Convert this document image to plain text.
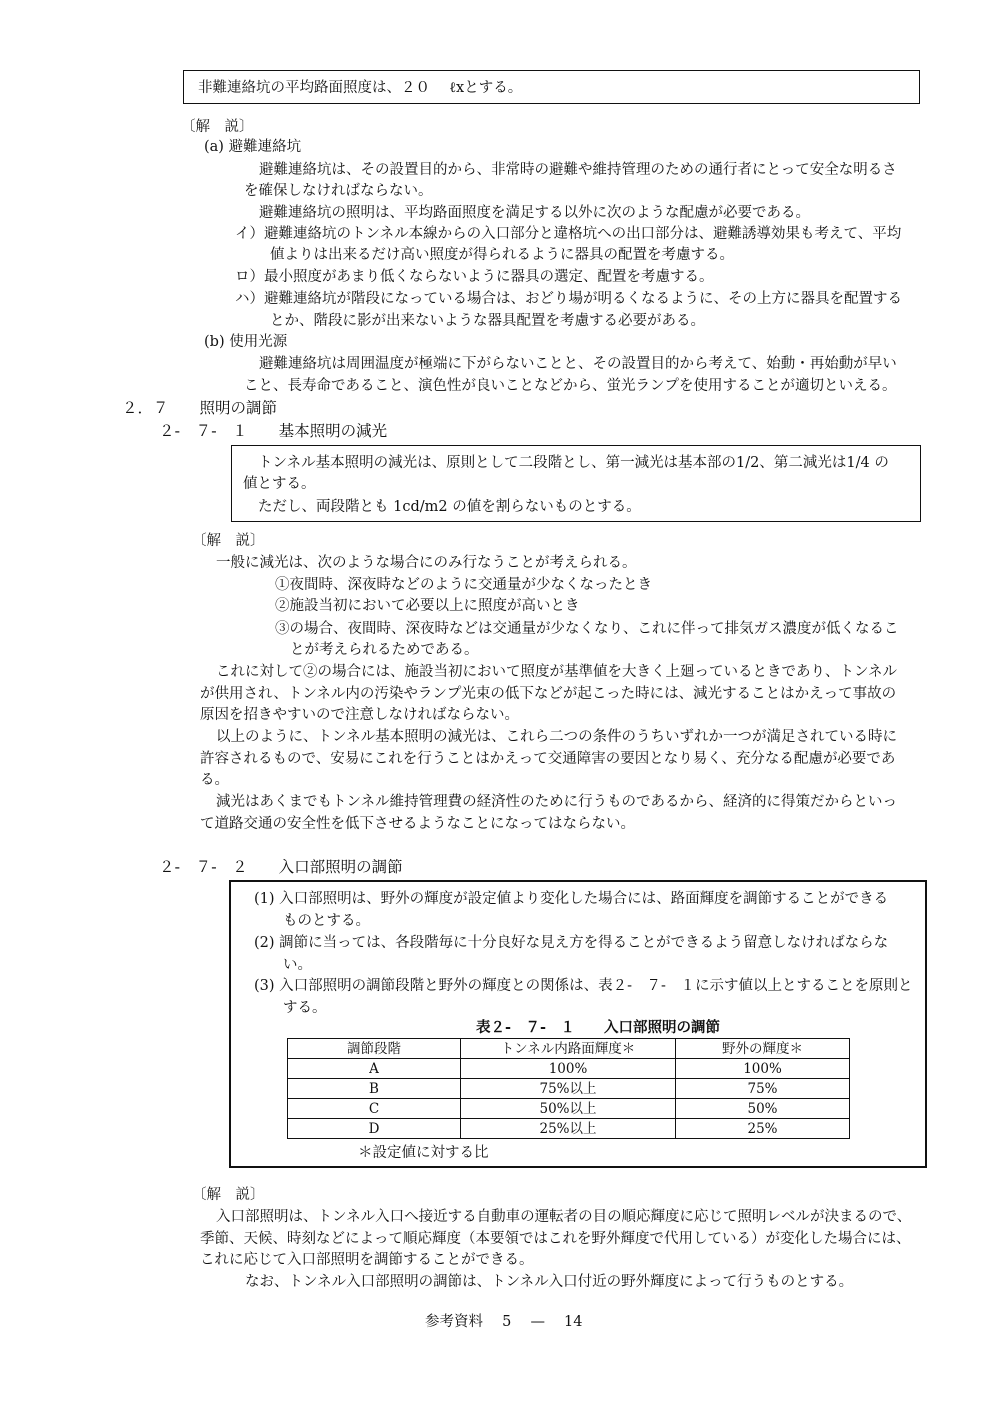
非難連絡坑の平均路面照度は、２０　 ℓxとする。
〔解　説〕
(a) 避難連絡坑
避難連絡坑は、その設置目的から、非常時の避難や維持管理のための通行者にとって安全な明るさ
を確保しなければならない。
避難連絡坑の照明は、平均路面照度を満足する以外に次のような配慮が必要である。
イ）避難連絡坑のトンネル本線からの入口部分と違格坑への出口部分は、避難誘導効果も考えて、平均
値よりは出来るだけ高い照度が得られるように器具の配置を考慮する。
ロ）最小照度があまり低くならないように器具の選定、配置を考慮する。
ハ）避難連絡坑が階段になっている場合は、おどり場が明るくなるように、その上方に器具を配置する
とか、階段に影が出来ないような器具配置を考慮する必要がある。
(b) 使用光源
避難連絡坑は周囲温度が極端に下がらないことと、その設置目的から考えて、始動・再始動が早い
こと、長寿命であること、演色性が良いことなどから、蛍光ランプを使用することが適切といえる。
２．７　　照明の調節
２-　７-　１　　基本照明の減光
トンネル基本照明の減光は、原則として二段階とし、第一減光は基本部の1/2、第二減光は1/4 の
値とする。
ただし、両段階とも 1cd/m2 の値を割らないものとする。
〔解　説〕
一般に減光は、次のような場合にのみ行なうことが考えられる。
①夜間時、深夜時などのように交通量が少なくなったとき
②施設当初において必要以上に照度が高いとき
③の場合、夜間時、深夜時などは交通量が少なくなり、これに伴って排気ガス濃度が低くなるこ
とが考えられるためである。
これに対して②の場合には、施設当初において照度が基準値を大きく上廻っているときであり、トンネル
が供用され、トンネル内の汚染やランプ光束の低下などが起こった時には、減光することはかえって事故の
原因を招きやすいので注意しなければならない。
以上のように、トンネル基本照明の減光は、これら二つの条件のうちいずれか一つが満足されている時に
許容されるもので、安易にこれを行うことはかえって交通障害の要因となり易く、充分なる配慮が必要であ
る。
減光はあくまでもトンネル維持管理費の経済性のために行うものであるから、経済的に得策だからといっ
て道路交通の安全性を低下させるようなことになってはならない。
２-　７-　２　　入口部照明の調節
(1) 入口部照明は、野外の輝度が設定値より変化した場合には、路面輝度を調節することができる
ものとする。
(2) 調節に当っては、各段階毎に十分良好な見え方を得ることができるよう留意しなければならな
い。
(3) 入口部照明の調節段階と野外の輝度との関係は、表２-　７-　１に示す値以上とすることを原則と
する。
表２-　７-　１　　入口部照明の調節
調節段階	トンネル内路面輝度＊	野外の輝度＊
A	100%	100%
B	75%以上	75%
C	50%以上	50%
D	25%以上	25%
＊設定値に対する比
〔解　説〕
入口部照明は、トンネル入口へ接近する自動車の運転者の目の順応輝度に応じて照明レベルが決まるので、
季節、天候、時刻などによって順応輝度（本要領ではこれを野外輝度で代用している）が変化した場合には、
これに応じて入口部照明を調節することができる。
なお、トンネル入口部照明の調節は、トンネル入口付近の野外輝度によって行うものとする。
参考資料　 5　 —　 14
